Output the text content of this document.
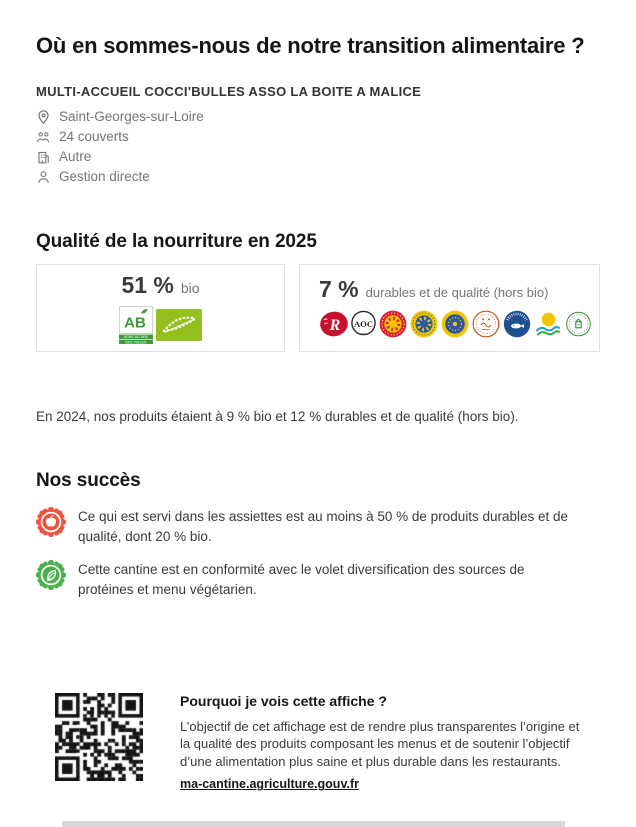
Où en sommes-nous de notre transition alimentaire ?
MULTI-ACCUEIL COCCI'BULLES ASSO LA BOITE A MALICE
Saint-Georges-sur-Loire
24 couverts
Autre
Gestion directe
Qualité de la nourriture en 2025
51 % bio
AB
AGRICULTURE
BIOLOGIQUE
7 % durables et de qualité (hors bio)
R AOC
En 2024, nos produits étaient à 9 % bio et 12 % durables et de qualité (hors bio).
Nos succès
Ce qui est servi dans les assiettes est au moins à 50 % de produits durables et de qualité, dont 20 % bio.
Cette cantine est en conformité avec le volet diversification des sources de protéines et menu végétarien.
Pourquoi je vois cette affiche ?
L’objectif de cet affichage est de rendre plus transparentes l’origine et la qualité des produits composant les menus et de soutenir l’objectif d’une alimentation plus saine et plus durable dans les restaurants.
ma-cantine.agriculture.gouv.fr
